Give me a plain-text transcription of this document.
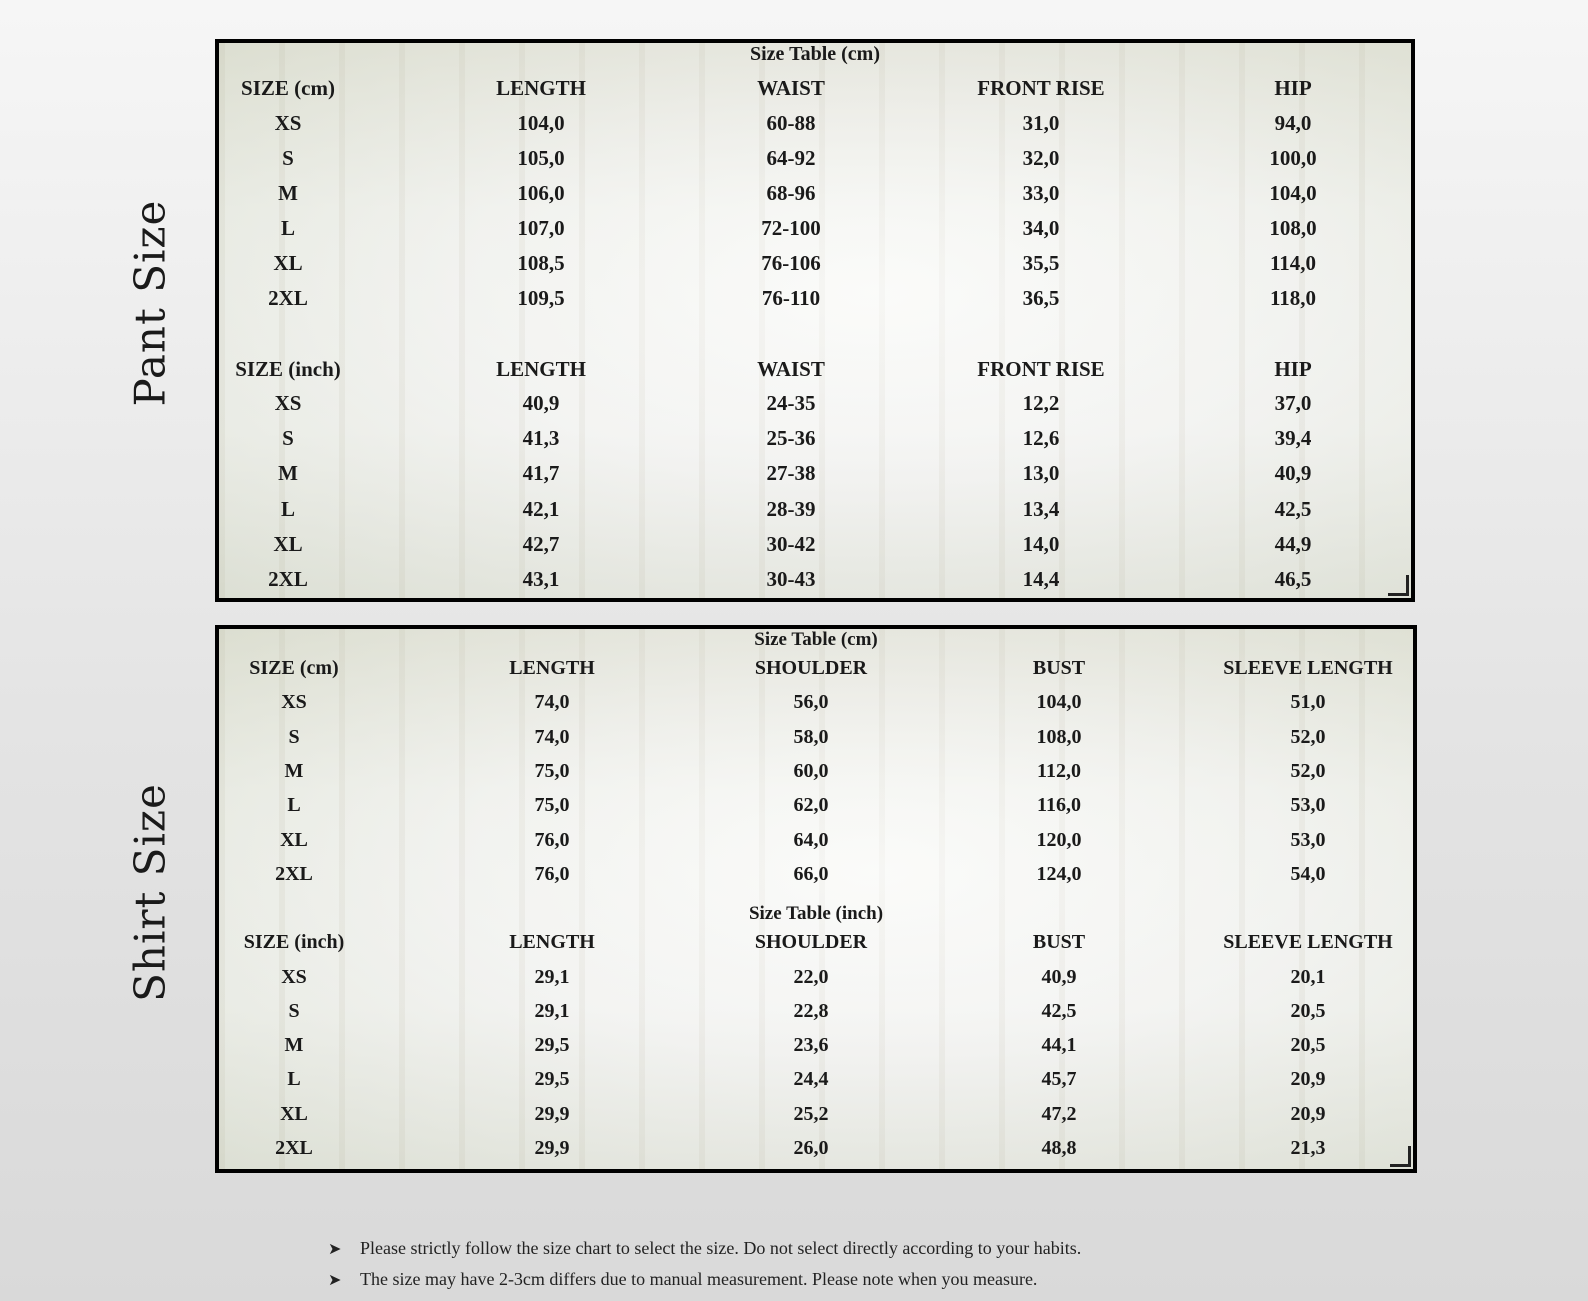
Pant Size
Shirt Size
Size Table (cm)
SIZE (cm)	LENGTH	WAIST	FRONT RISE	HIP
XS	104,0	60-88	31,0	94,0
S	105,0	64-92	32,0	100,0
M	106,0	68-96	33,0	104,0
L	107,0	72-100	34,0	108,0
XL	108,5	76-106	35,5	114,0
2XL	109,5	76-110	36,5	118,0
SIZE (inch)	LENGTH	WAIST	FRONT RISE	HIP
XS	40,9	24-35	12,2	37,0
S	41,3	25-36	12,6	39,4
M	41,7	27-38	13,0	40,9
L	42,1	28-39	13,4	42,5
XL	42,7	30-42	14,0	44,9
2XL	43,1	30-43	14,4	46,5
Size Table (cm)
SIZE (cm)	LENGTH	SHOULDER	BUST	SLEEVE LENGTH
XS	74,0	56,0	104,0	51,0
S	74,0	58,0	108,0	52,0
M	75,0	60,0	112,0	52,0
L	75,0	62,0	116,0	53,0
XL	76,0	64,0	120,0	53,0
2XL	76,0	66,0	124,0	54,0
Size Table (inch)
SIZE (inch)	LENGTH	SHOULDER	BUST	SLEEVE LENGTH
XS	29,1	22,0	40,9	20,1
S	29,1	22,8	42,5	20,5
M	29,5	23,6	44,1	20,5
L	29,5	24,4	45,7	20,9
XL	29,9	25,2	47,2	20,9
2XL	29,9	26,0	48,8	21,3
➤ Please strictly follow the size chart to select the size. Do not select directly according to your habits.
➤ The size may have 2-3cm differs due to manual measurement. Please note when you measure.
